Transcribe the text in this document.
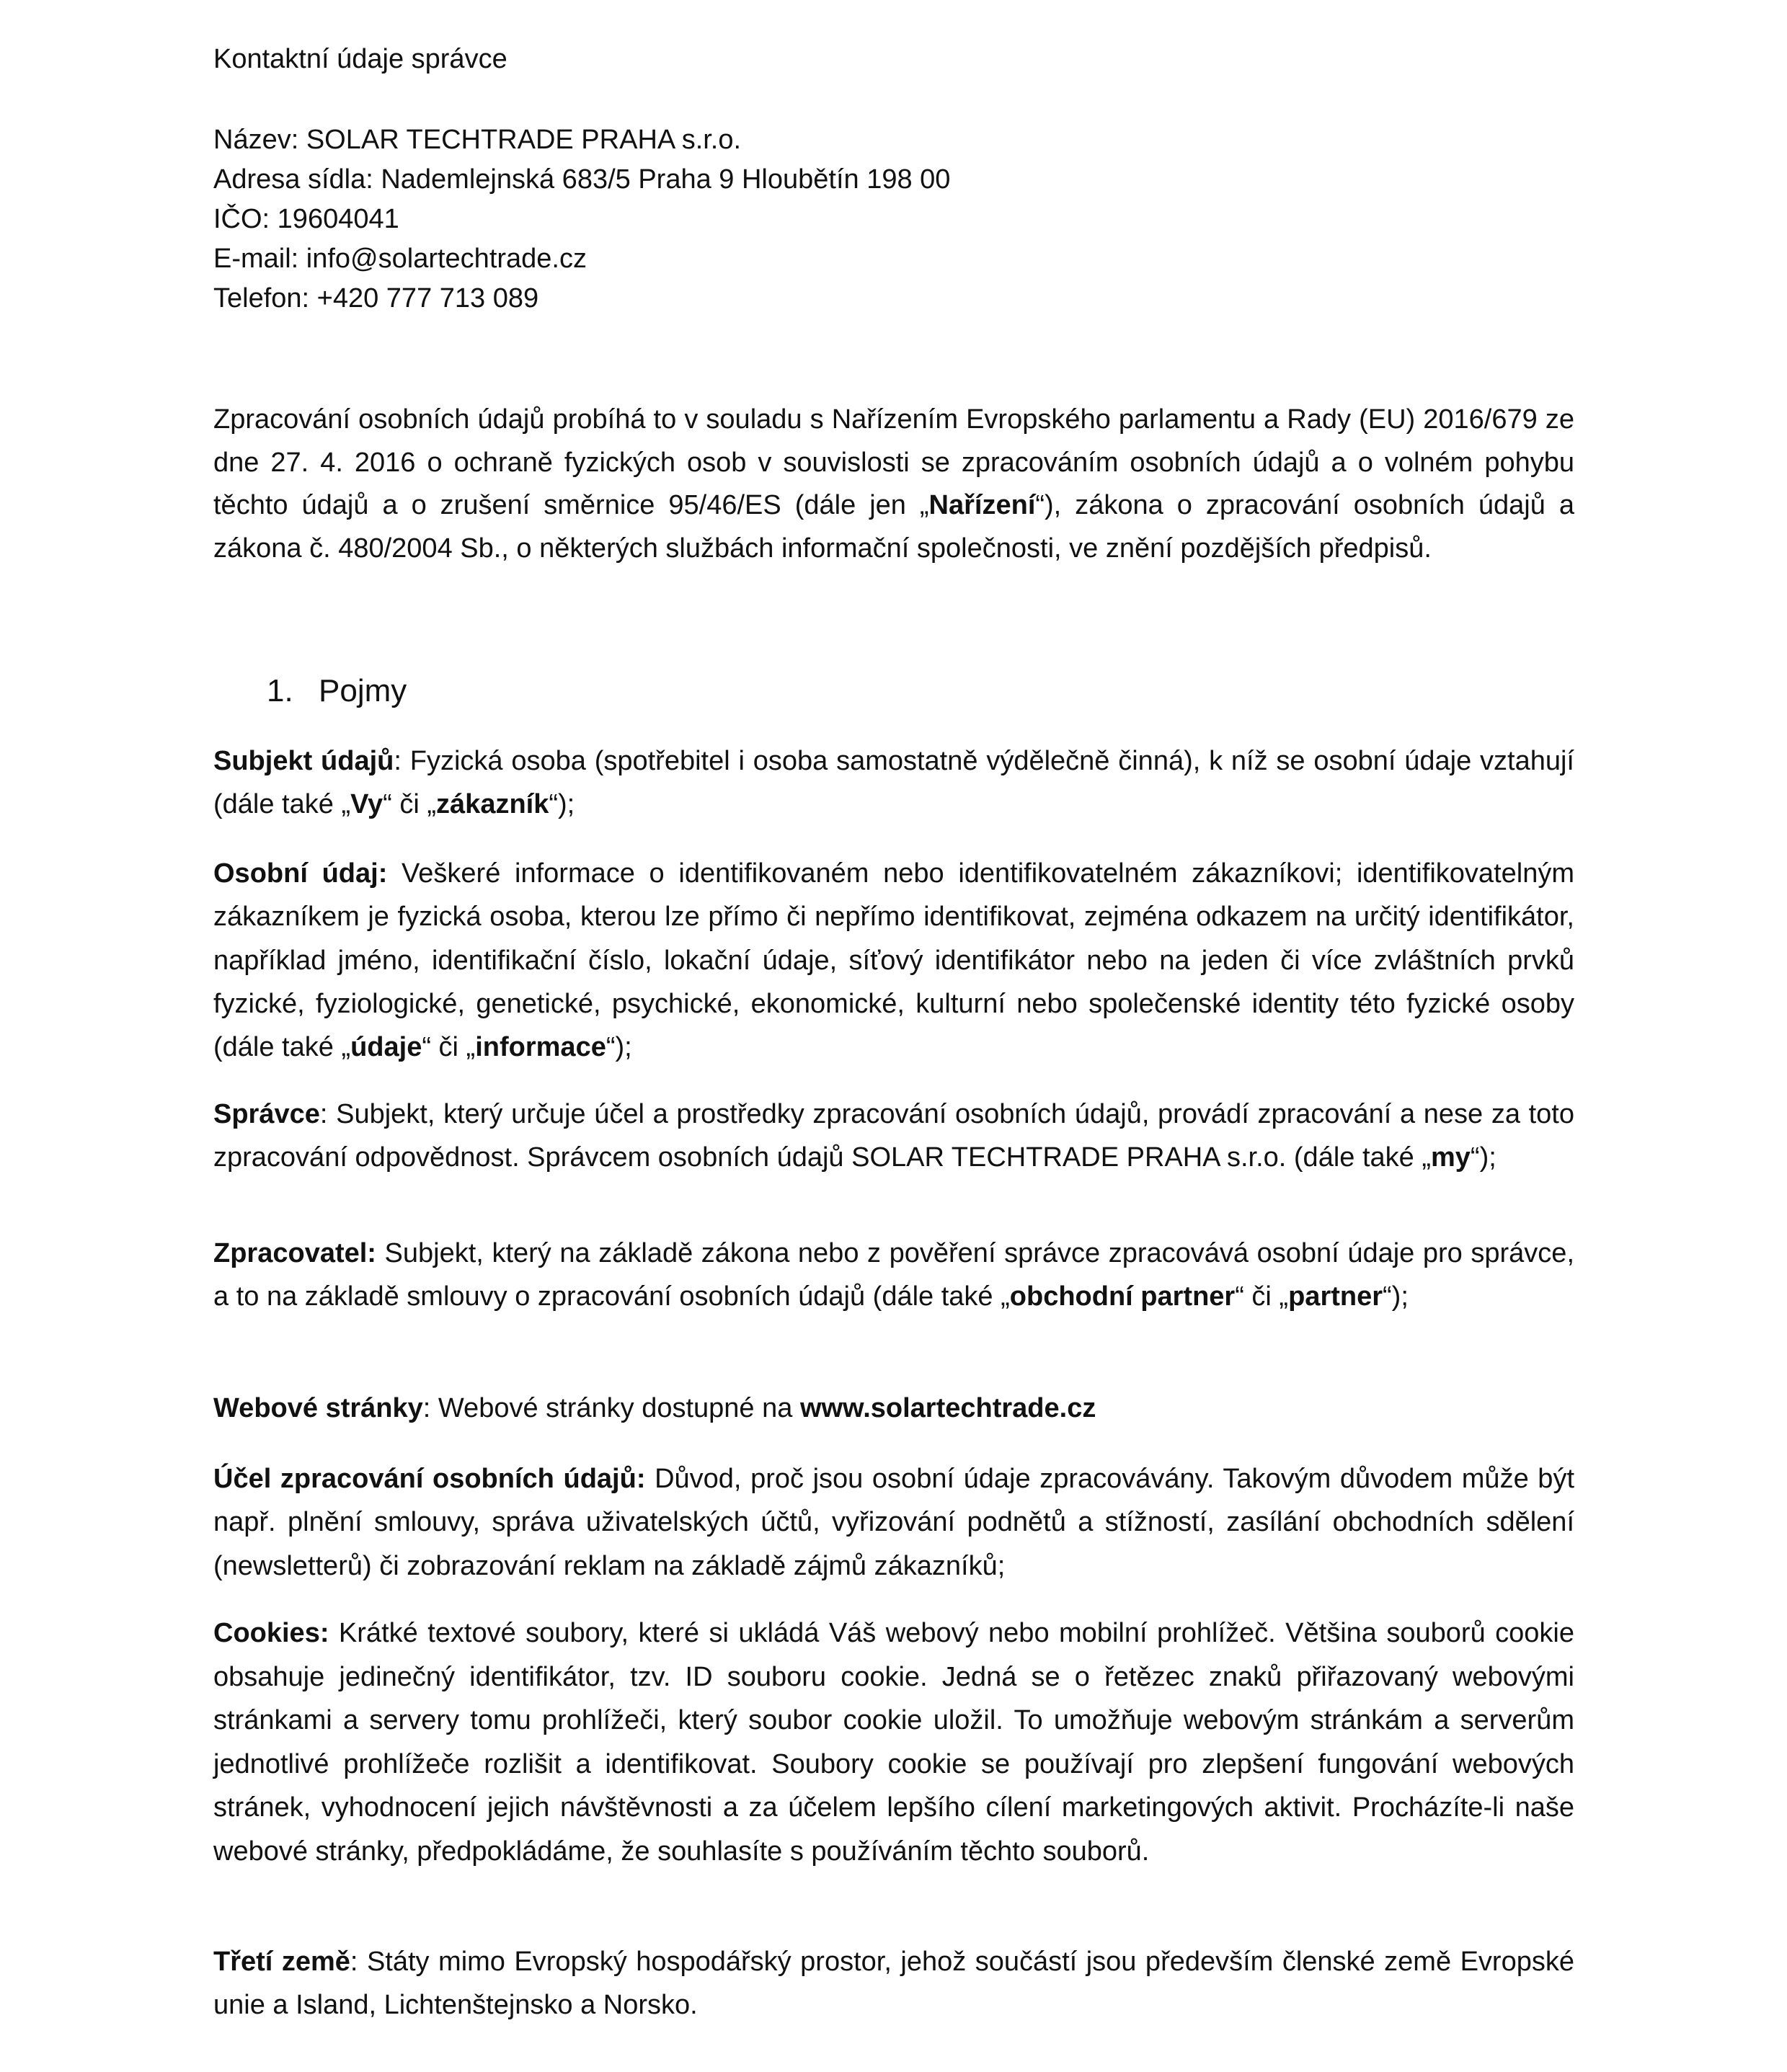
Kontaktní údaje správce
Název: SOLAR TECHTRADE PRAHA s.r.o.
Adresa sídla: Nademlejnská 683/5 Praha 9 Hloubětín 198 00
IČO: 19604041
E-mail: info@solartechtrade.cz
Telefon: +420 777 713 089
Zpracování osobních údajů probíhá to v souladu s Nařízením Evropského parlamentu a Rady (EU) 2016/679 ze dne 27. 4. 2016 o ochraně fyzických osob v souvislosti se zpracováním osobních údajů a o volném pohybu těchto údajů a o zrušení směrnice 95/46/ES (dále jen „Nařízení“), zákona o zpracování osobních údajů a zákona č. 480/2004 Sb., o některých službách informační společnosti, ve znění pozdějších předpisů.
1. Pojmy
Subjekt údajů: Fyzická osoba (spotřebitel i osoba samostatně výdělečně činná), k níž se osobní údaje vztahují (dále také „Vy“ či „zákazník“);
Osobní údaj: Veškeré informace o identifikovaném nebo identifikovatelném zákazníkovi; identifikovatelným zákazníkem je fyzická osoba, kterou lze přímo či nepřímo identifikovat, zejména odkazem na určitý identifikátor, například jméno, identifikační číslo, lokační údaje, síťový identifikátor nebo na jeden či více zvláštních prvků fyzické, fyziologické, genetické, psychické, ekonomické, kulturní nebo společenské identity této fyzické osoby (dále také „údaje“ či „informace“);
Správce: Subjekt, který určuje účel a prostředky zpracování osobních údajů, provádí zpracování a nese za toto zpracování odpovědnost. Správcem osobních údajů SOLAR TECHTRADE PRAHA s.r.o. (dále také „my“);
Zpracovatel: Subjekt, který na základě zákona nebo z pověření správce zpracovává osobní údaje pro správce, a to na základě smlouvy o zpracování osobních údajů (dále také „obchodní partner“ či „partner“);
Webové stránky: Webové stránky dostupné na www.solartechtrade.cz
Účel zpracování osobních údajů: Důvod, proč jsou osobní údaje zpracovávány. Takovým důvodem může být např. plnění smlouvy, správa uživatelských účtů, vyřizování podnětů a stížností, zasílání obchodních sdělení (newsletterů) či zobrazování reklam na základě zájmů zákazníků;
Cookies: Krátké textové soubory, které si ukládá Váš webový nebo mobilní prohlížeč. Většina souborů cookie obsahuje jedinečný identifikátor, tzv. ID souboru cookie. Jedná se o řetězec znaků přiřazovaný webovými stránkami a servery tomu prohlížeči, který soubor cookie uložil. To umožňuje webovým stránkám a serverům jednotlivé prohlížeče rozlišit a identifikovat. Soubory cookie se používají pro zlepšení fungování webových stránek, vyhodnocení jejich návštěvnosti a za účelem lepšího cílení marketingových aktivit. Procházíte-li naše webové stránky, předpokládáme, že souhlasíte s používáním těchto souborů.
Třetí země: Státy mimo Evropský hospodářský prostor, jehož součástí jsou především členské země Evropské unie a Island, Lichtenštejnsko a Norsko.
